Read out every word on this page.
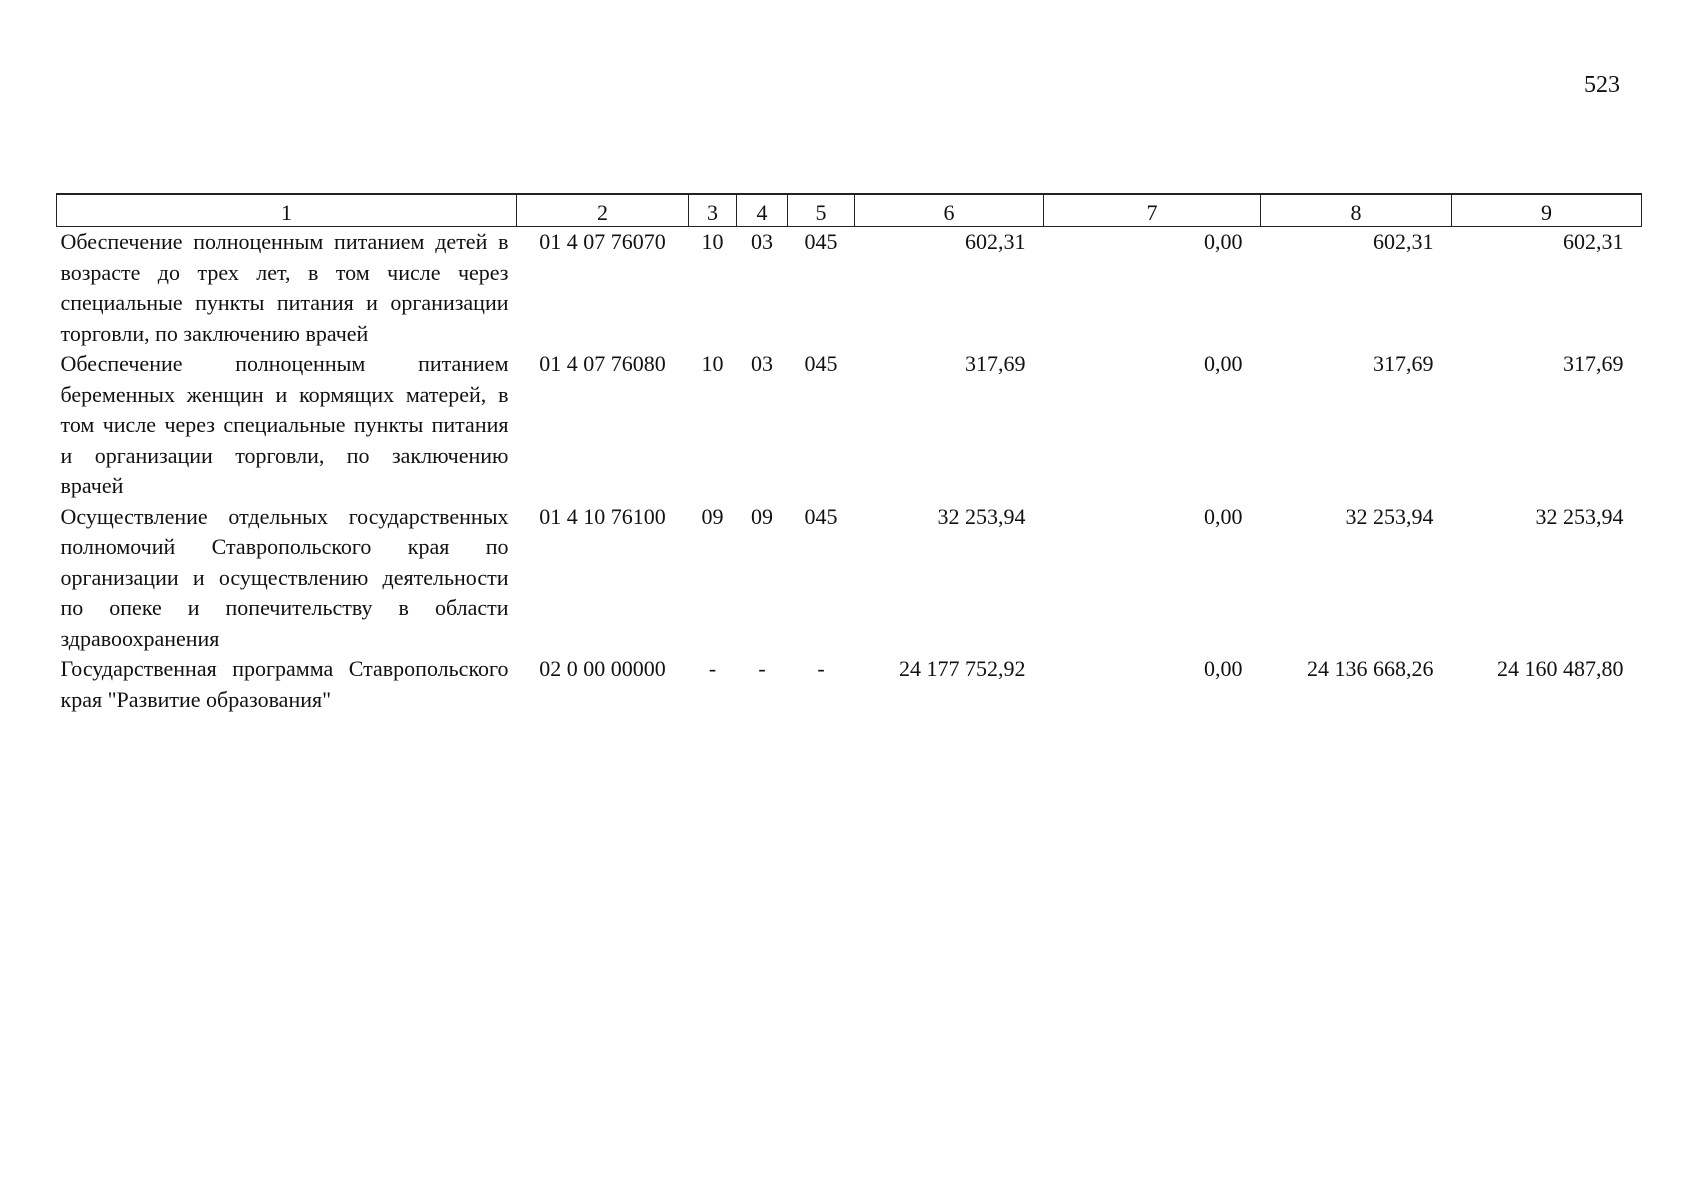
523
1	2	3	4	5	6	7	8	9
Обеспечение полноценным питанием детей в возрасте до трех лет, в том числе через специальные пункты питания и организации торговли, по заключению врачей	01 4 07 76070	10	03	045	602,31	0,00	602,31	602,31
Обеспечение полноценным питанием беременных женщин и кормящих матерей, в том числе через специальные пункты питания и организации торговли, по заключению врачей	01 4 07 76080	10	03	045	317,69	0,00	317,69	317,69
Осуществление отдельных государственных полномочий Ставропольского края по организации и осуществлению деятельности по опеке и попечительству в области здравоохранения	01 4 10 76100	09	09	045	32 253,94	0,00	32 253,94	32 253,94
Государственная программа Ставропольского края "Развитие образования"	02 0 00 00000	-	-	-	24 177 752,92	0,00	24 136 668,26	24 160 487,80
